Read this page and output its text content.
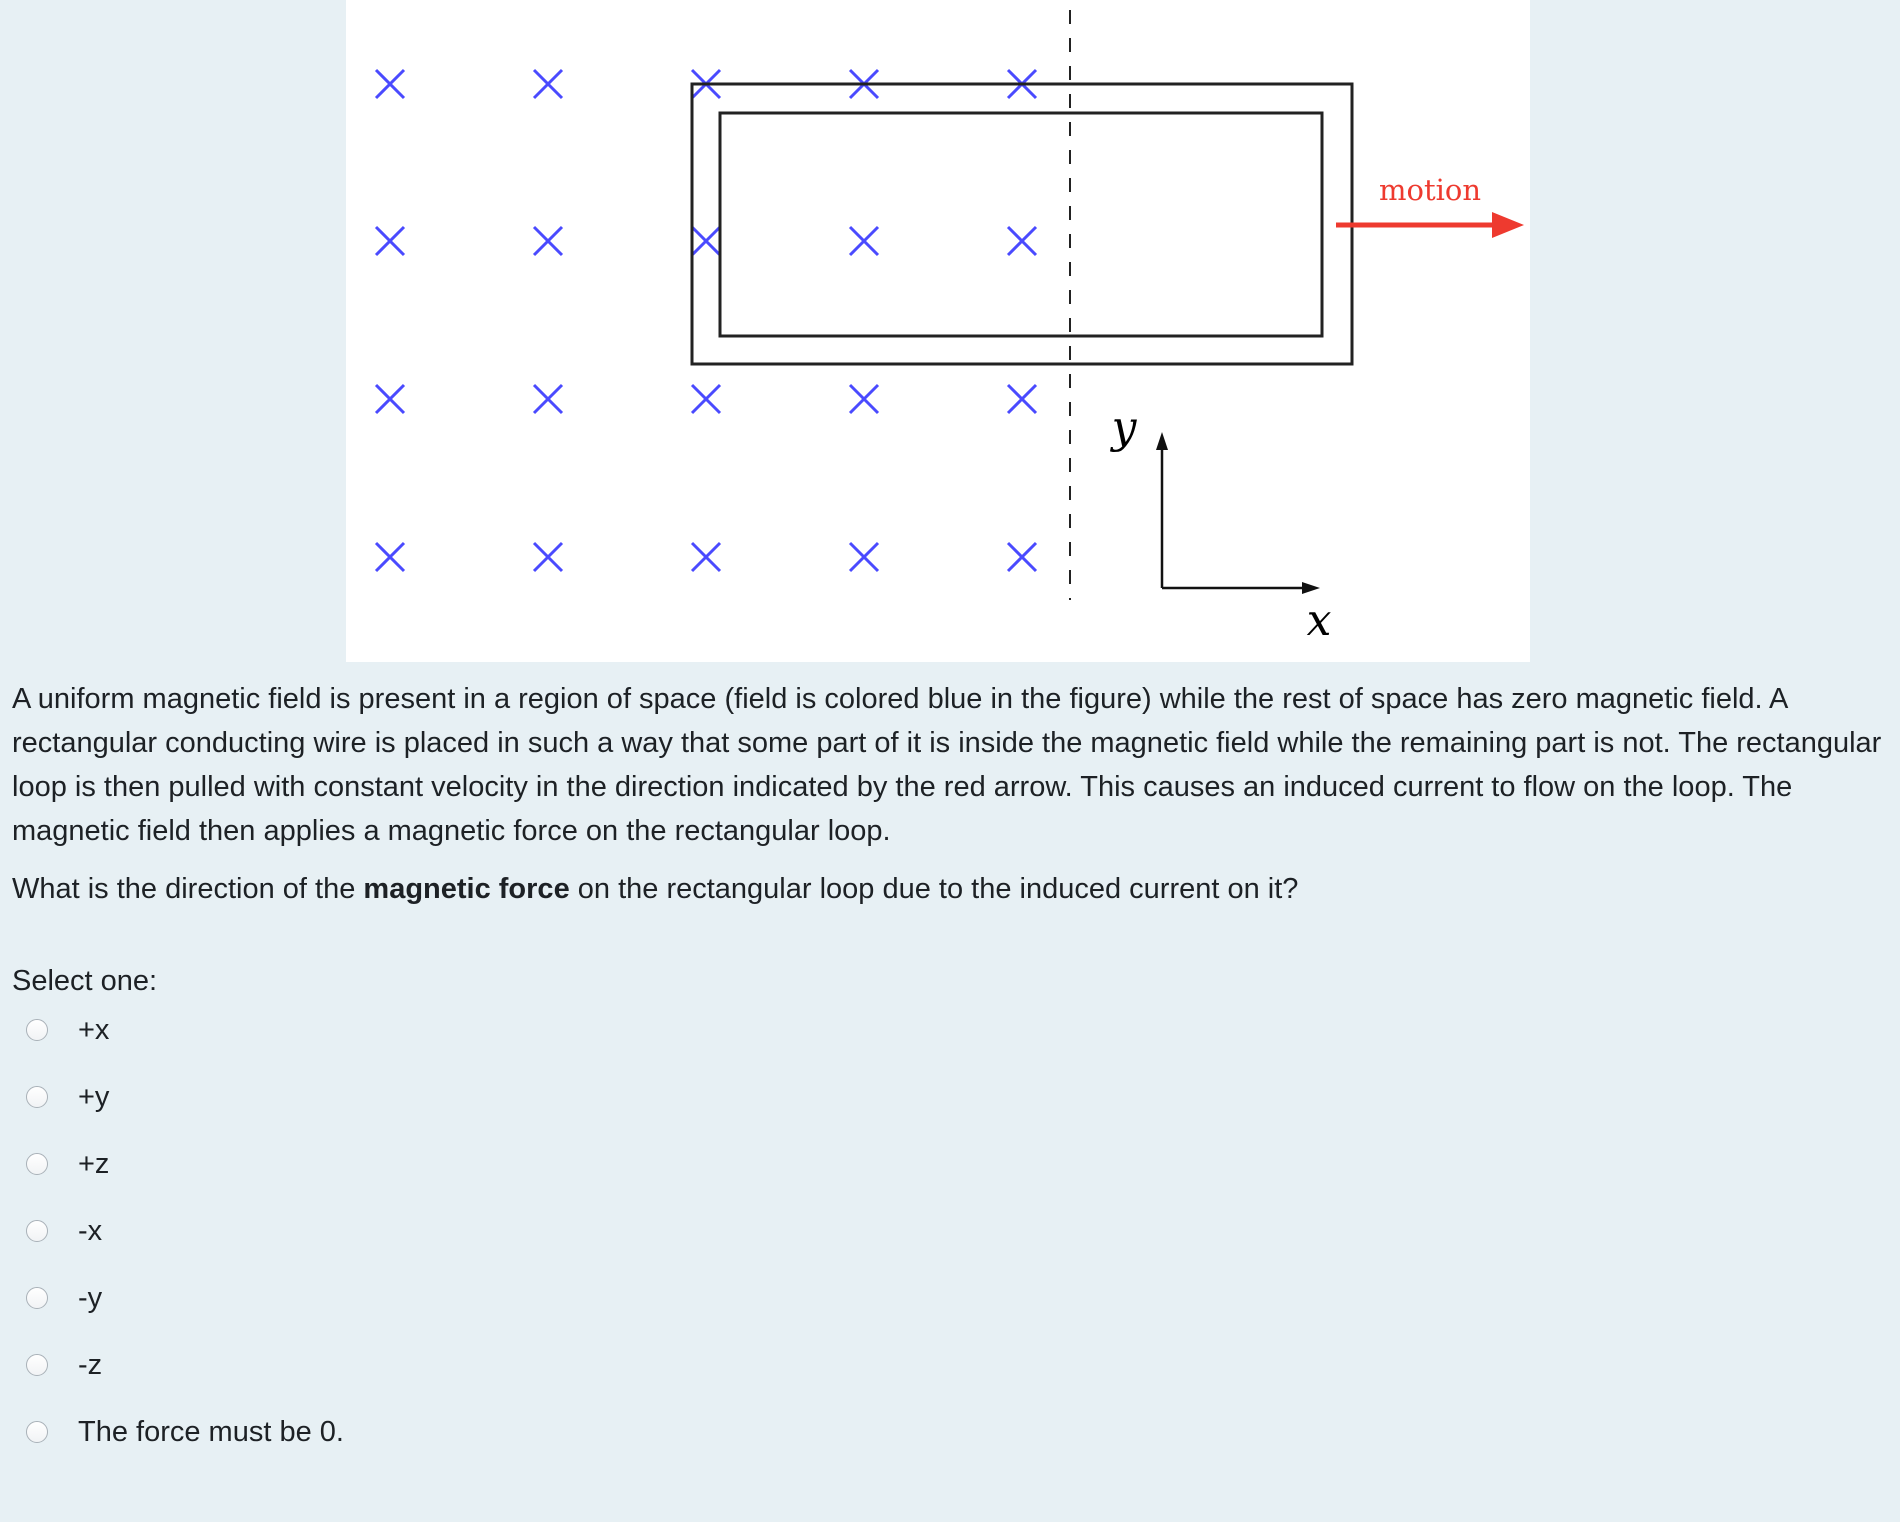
motion
y
x

A uniform magnetic field is present in a region of space (field is colored blue in the figure) while the rest of space has zero magnetic field. A rectangular conducting wire is placed in such a way that some part of it is inside the magnetic field while the remaining part is not. The rectangular loop is then pulled with constant velocity in the direction indicated by the red arrow. This causes an induced current to flow on the loop. The magnetic field then applies a magnetic force on the rectangular loop.

What is the direction of the magnetic force on the rectangular loop due to the induced current on it?

Select one:
+x
+y
+z
-x
-y
-z
The force must be 0.
